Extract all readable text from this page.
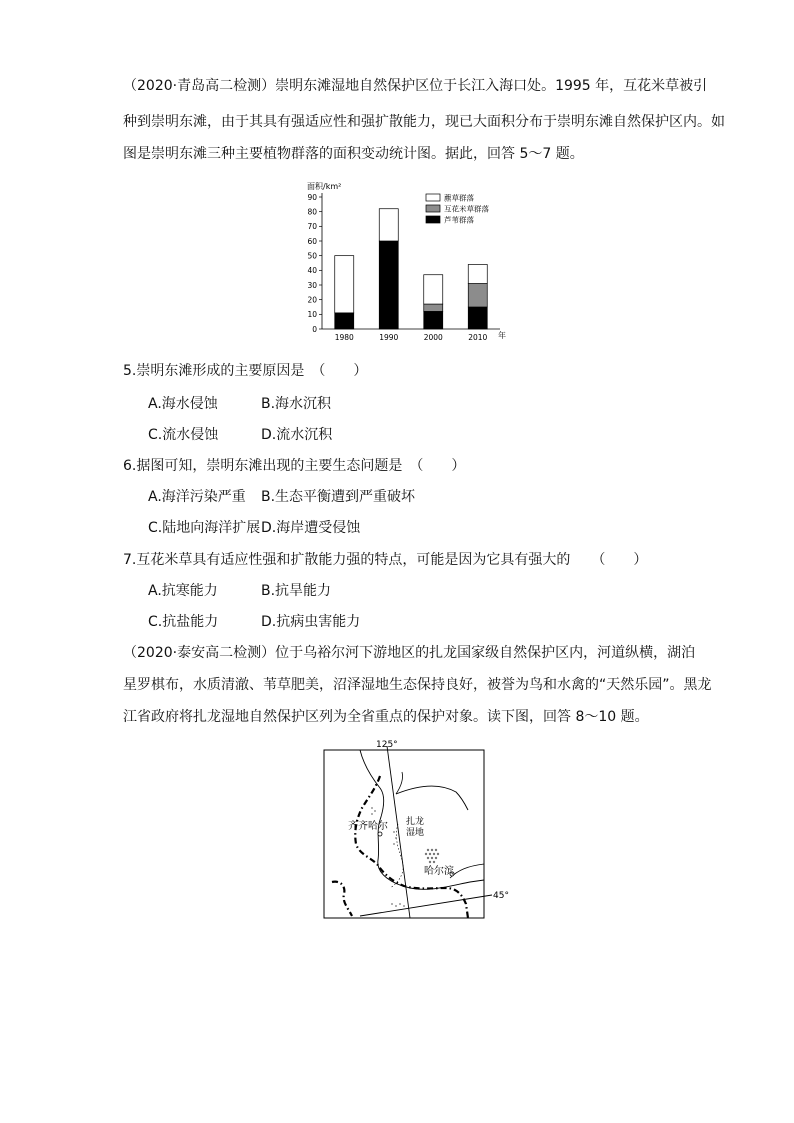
（2020·青岛高二检测）崇明东滩湿地自然保护区位于长江入海口处。1995 年，互花米草被引
种到崇明东滩，由于其具有强适应性和强扩散能力，现已大面积分布于崇明东滩自然保护区内。如
图是崇明东滩三种主要植物群落的面积变动统计图。据此，回答 5～7 题。
面积/km²
年
0
10
20
30
40
50
60
70
80
90
1980	1990	2000	2010
藨草群落
互花米草群落
芦苇群落
5.崇明东滩形成的主要原因是　（　　）
A.海水侵蚀	B.海水沉积
C.流水侵蚀	D.流水沉积
6.据图可知，崇明东滩出现的主要生态问题是　（　　）
A.海洋污染严重 B.生态平衡遭到严重破坏
C.陆地向海洋扩展 D.海岸遭受侵蚀
7.互花米草具有适应性强和扩散能力强的特点，可能是因为它具有强大的　　（　　）
A.抗寒能力	B.抗旱能力
C.抗盐能力	D.抗病虫害能力
（2020·泰安高二检测）位于乌裕尔河下游地区的扎龙国家级自然保护区内，河道纵横，湖泊
星罗棋布，水质清澈、苇草肥美，沼泽湿地生态保持良好，被誉为鸟和水禽的“天然乐园”。黑龙
江省政府将扎龙湿地自然保护区列为全省重点的保护对象。读下图，回答 8～10 题。
125°
45°
齐齐哈尔
哈尔滨
扎龙
湿地
